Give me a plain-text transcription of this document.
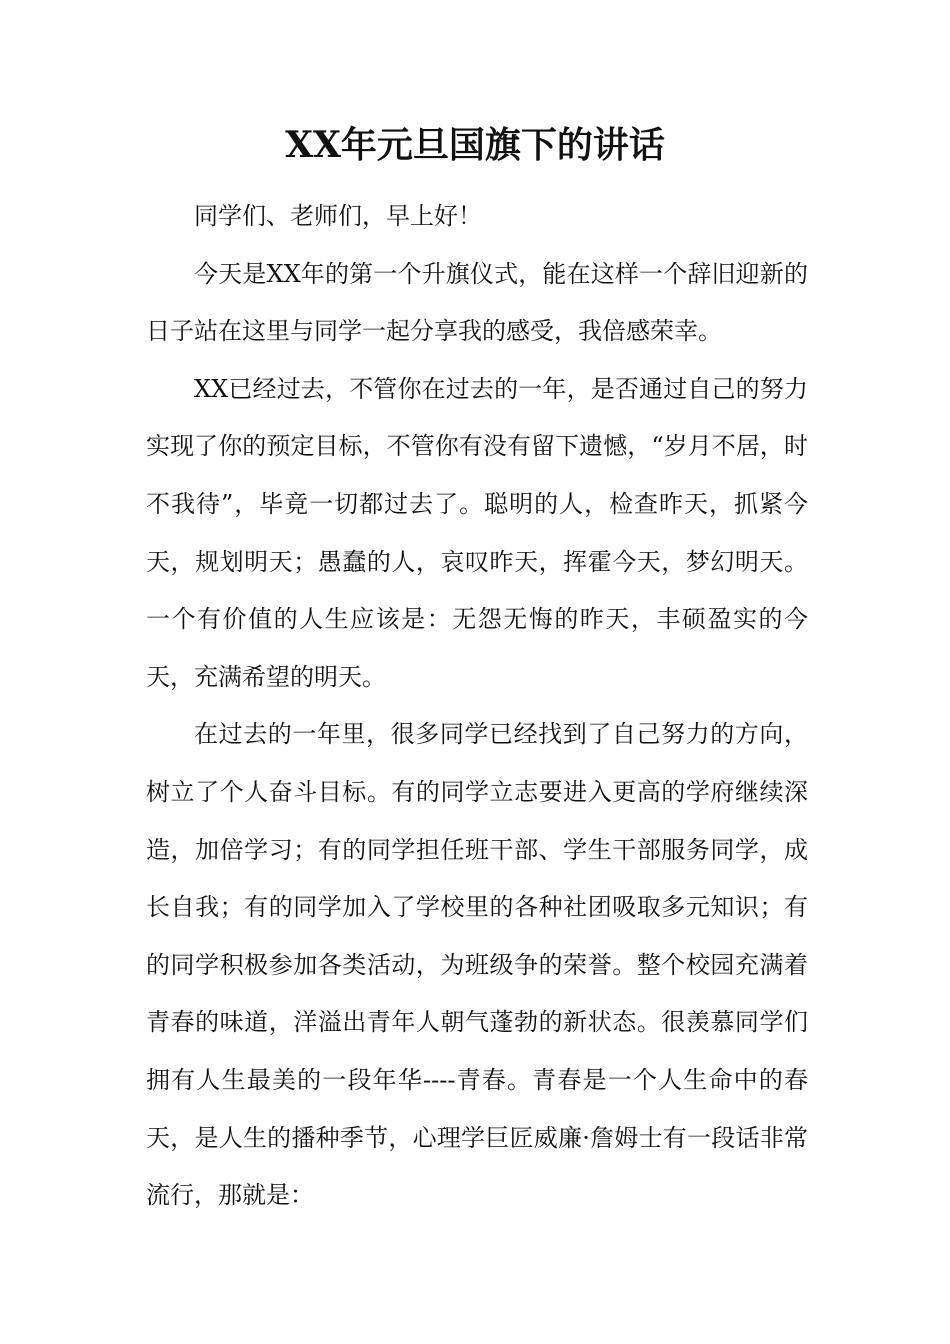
XX年元旦国旗下的讲话

同学们、老师们，早上好！

今天是XX年的第一个升旗仪式，能在这样一个辞旧迎新的日子站在这里与同学一起分享我的感受，我倍感荣幸。

XX已经过去，不管你在过去的一年，是否通过自己的努力实现了你的预定目标，不管你有没有留下遗憾，“岁月不居，时不我待”，毕竟一切都过去了。聪明的人，检查昨天，抓紧今天，规划明天；愚蠢的人，哀叹昨天，挥霍今天，梦幻明天。一个有价值的人生应该是：无怨无悔的昨天，丰硕盈实的今天，充满希望的明天。

在过去的一年里，很多同学已经找到了自己努力的方向，树立了个人奋斗目标。有的同学立志要进入更高的学府继续深造，加倍学习；有的同学担任班干部、学生干部服务同学，成长自我；有的同学加入了学校里的各种社团吸取多元知识；有的同学积极参加各类活动，为班级争的荣誉。整个校园充满着青春的味道，洋溢出青年人朝气蓬勃的新状态。很羡慕同学们拥有人生最美的一段年华----青春。青春是一个人生命中的春天，是人生的播种季节，心理学巨匠威廉·詹姆士有一段话非常流行，那就是：
